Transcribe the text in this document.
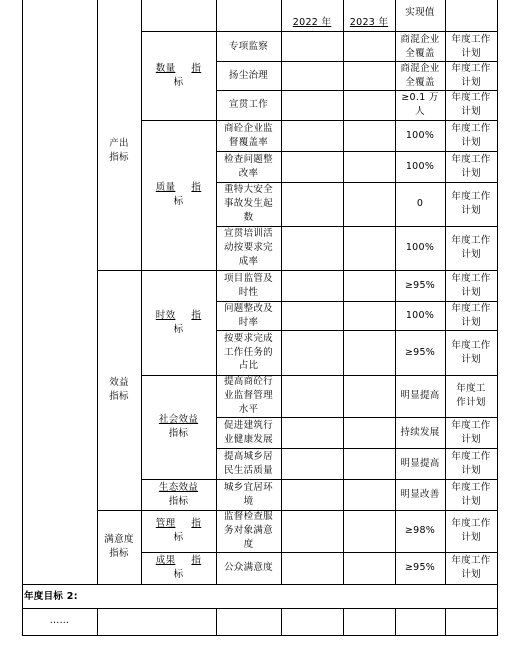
2022 年 2023 年
实现值
产出
指标
效益
指标
满意度
指标
数量 指
标
质量 指
标
时效 指
标
社会效益
指标
生态效益
指标
管理 指
标
成果 指
标
专项监察
商混企业
全覆盖
年度工作
计划
扬尘治理
商混企业
全覆盖
年度工作
计划
宣贯工作
≥0.1 万
人
年度工作
计划
商砼企业监
督覆盖率
100%
年度工作
计划
检查问题整
改率
100%
年度工作
计划
重特大安全
事故发生起
数
0
年度工作
计划
宣贯培训活
动按要求完
成率
100%
年度工作
计划
项目监管及
时性
≥95%
年度工作
计划
问题整改及
时率
100%
年度工作
计划
按要求完成
工作任务的
占比
≥95%
年度工作
计划
提高商砼行
业监督管理
水平
明显提高
年度工
作计划
促进建筑行
业健康发展
持续发展
年度工作
计划
提高城乡居
民生活质量
明显提高
年度工作
计划
城乡宜居环
境
明显改善
年度工作
计划
监督检查服
务对象满意
度
≥98%
年度工作
计划
公众满意度	≥95%
年度工作
计划
年度目标 2:
……
